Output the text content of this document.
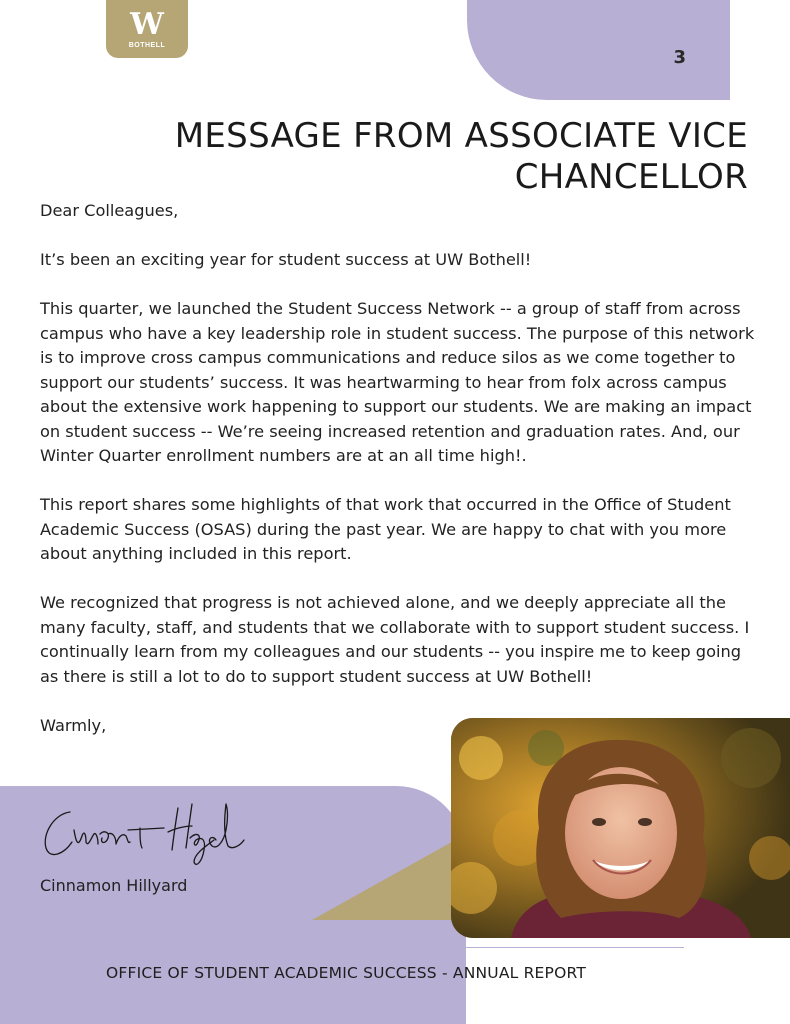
W
BOTHELL
3
MESSAGE FROM ASSOCIATE VICE CHANCELLOR

Dear Colleagues,

It’s been an exciting year for student success at UW Bothell!

This quarter, we launched the Student Success Network -- a group of staff from across campus who have a key leadership role in student success. The purpose of this network is to improve cross campus communications and reduce silos as we come together to support our students’ success. It was heartwarming to hear from folx across campus about the extensive work happening to support our students. We are making an impact on student success -- We’re seeing increased retention and graduation rates. And, our Winter Quarter enrollment numbers are at an all time high!.

This report shares some highlights of that work that occurred in the Office of Student Academic Success (OSAS) during the past year. We are happy to chat with you more about anything included in this report.

We recognized that progress is not achieved alone, and we deeply appreciate all the many faculty, staff, and students that we collaborate with to support student success. I continually learn from my colleagues and our students -- you inspire me to keep going as there is still a lot to do to support student success at UW Bothell!

Warmly,

Cinnamon Hillyard
OFFICE OF STUDENT ACADEMIC SUCCESS - ANNUAL REPORT
